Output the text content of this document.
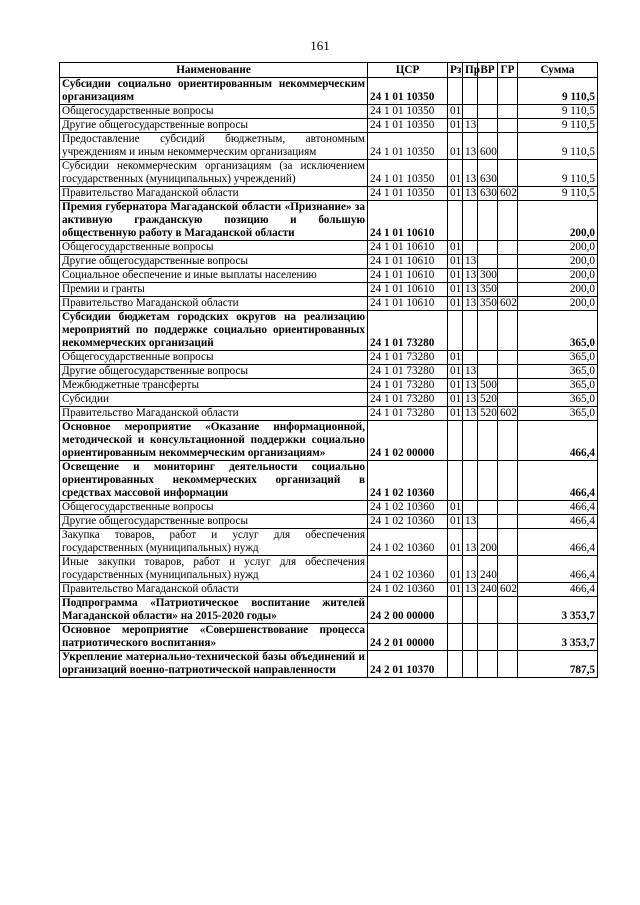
161
Наименование	ЦСР	Рз	Пр	ВР	ГР	Сумма
Субсидии социально ориентированным некоммерческим организациям	24 1 01 10350					9 110,5
Общегосударственные вопросы	24 1 01 10350	01				9 110,5
Другие общегосударственные вопросы	24 1 01 10350	01	13			9 110,5
Предоставление субсидий бюджетным, автономным учреждениям и иным некоммерческим организациям	24 1 01 10350	01	13	600		9 110,5
Субсидии некоммерческим организациям (за исключением государственных (муниципальных) учреждений)	24 1 01 10350	01	13	630		9 110,5
Правительство Магаданской области	24 1 01 10350	01	13	630	602	9 110,5
Премия губернатора Магаданской области «Признание» за активную гражданскую позицию и большую общественную работу в Магаданской области	24 1 01 10610					200,0
Общегосударственные вопросы	24 1 01 10610	01				200,0
Другие общегосударственные вопросы	24 1 01 10610	01	13			200,0
Социальное обеспечение и иные выплаты населению	24 1 01 10610	01	13	300		200,0
Премии и гранты	24 1 01 10610	01	13	350		200,0
Правительство Магаданской области	24 1 01 10610	01	13	350	602	200,0
Субсидии бюджетам городских округов на реализацию мероприятий по поддержке социально ориентированных некоммерческих организаций	24 1 01 73280					365,0
Общегосударственные вопросы	24 1 01 73280	01				365,0
Другие общегосударственные вопросы	24 1 01 73280	01	13			365,0
Межбюджетные трансферты	24 1 01 73280	01	13	500		365,0
Субсидии	24 1 01 73280	01	13	520		365,0
Правительство Магаданской области	24 1 01 73280	01	13	520	602	365,0
Основное мероприятие «Оказание информационной, методической и консультационной поддержки социально ориентированным некоммерческим организациям»	24 1 02 00000					466,4
Освещение и мониторинг деятельности социально ориентированных некоммерческих организаций в средствах массовой информации	24 1 02 10360					466,4
Общегосударственные вопросы	24 1 02 10360	01				466,4
Другие общегосударственные вопросы	24 1 02 10360	01	13			466,4
Закупка товаров, работ и услуг для обеспечения государственных (муниципальных) нужд	24 1 02 10360	01	13	200		466,4
Иные закупки товаров, работ и услуг для обеспечения государственных (муниципальных) нужд	24 1 02 10360	01	13	240		466,4
Правительство Магаданской области	24 1 02 10360	01	13	240	602	466,4
Подпрограмма «Патриотическое воспитание жителей Магаданской области» на 2015-2020 годы»	24 2 00 00000					3 353,7
Основное мероприятие «Совершенствование процесса патриотического воспитания»	24 2 01 00000					3 353,7
Укрепление материально-технической базы объединений и организаций военно-патриотической направленности	24 2 01 10370					787,5
